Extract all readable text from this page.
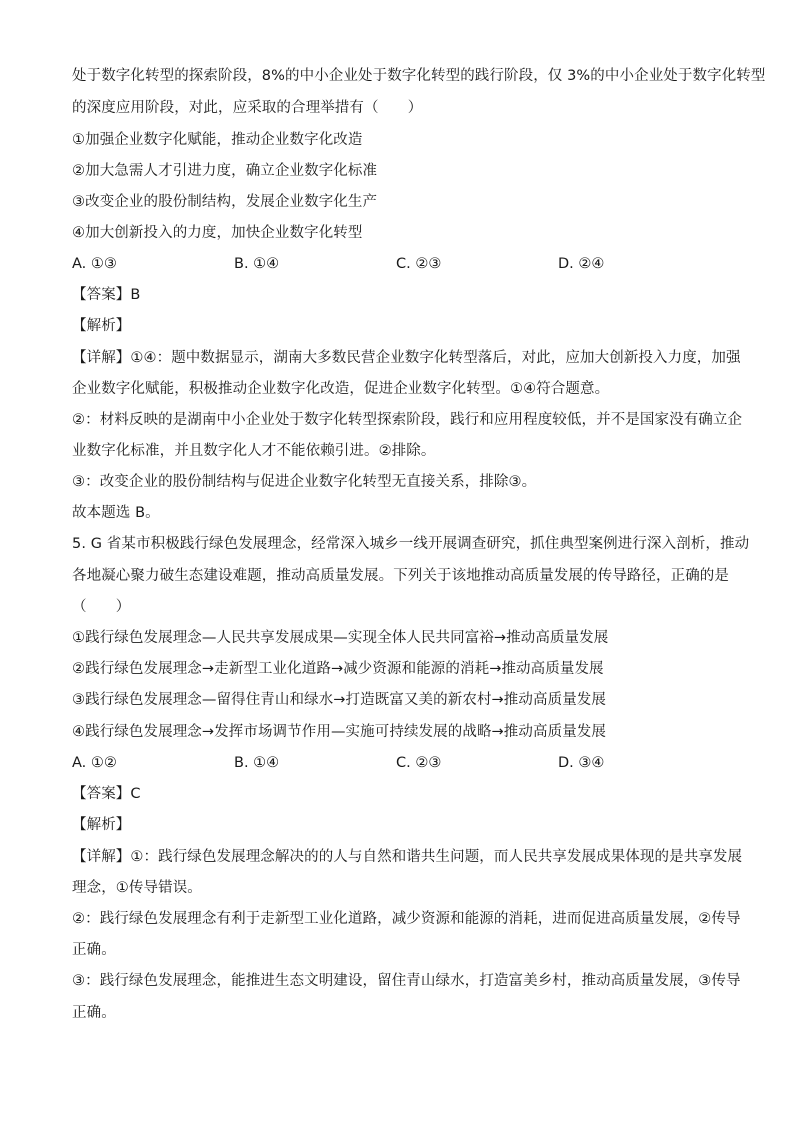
处于数字化转型的探索阶段，8%的中小企业处于数字化转型的践行阶段，仅 3%的中小企业处于数字化转型
的深度应用阶段，对此，应采取的合理举措有（　　）
①加强企业数字化赋能，推动企业数字化改造
②加大急需人才引进力度，确立企业数字化标准
③改变企业的股份制结构，发展企业数字化生产
④加大创新投入的力度，加快企业数字化转型
A. ①③	B. ①④	C. ②③	D. ②④
【答案】B
【解析】
【详解】①④：题中数据显示，湖南大多数民营企业数字化转型落后，对此，应加大创新投入力度，加强
企业数字化赋能，积极推动企业数字化改造，促进企业数字化转型。①④符合题意。
②：材料反映的是湖南中小企业处于数字化转型探索阶段，践行和应用程度较低，并不是国家没有确立企
业数字化标准，并且数字化人才不能依赖引进。②排除。
③：改变企业的股份制结构与促进企业数字化转型无直接关系，排除③。
故本题选 B。
5. G 省某市积极践行绿色发展理念，经常深入城乡一线开展调查研究，抓住典型案例进行深入剖析，推动
各地凝心聚力破生态建设难题，推动高质量发展。下列关于该地推动高质量发展的传导路径，正确的是
（　　）
①践行绿色发展理念—人民共享发展成果—实现全体人民共同富裕→推动高质量发展
②践行绿色发展理念→走新型工业化道路→减少资源和能源的消耗→推动高质量发展
③践行绿色发展理念—留得住青山和绿水→打造既富又美的新农村→推动高质量发展
④践行绿色发展理念→发挥市场调节作用—实施可持续发展的战略→推动高质量发展
A. ①②	B. ①④	C. ②③	D. ③④
【答案】C
【解析】
【详解】①：践行绿色发展理念解决的的人与自然和谐共生问题，而人民共享发展成果体现的是共享发展
理念，①传导错误。
②：践行绿色发展理念有利于走新型工业化道路，减少资源和能源的消耗，进而促进高质量发展，②传导
正确。
③：践行绿色发展理念，能推进生态文明建设，留住青山绿水，打造富美乡村，推动高质量发展，③传导
正确。
